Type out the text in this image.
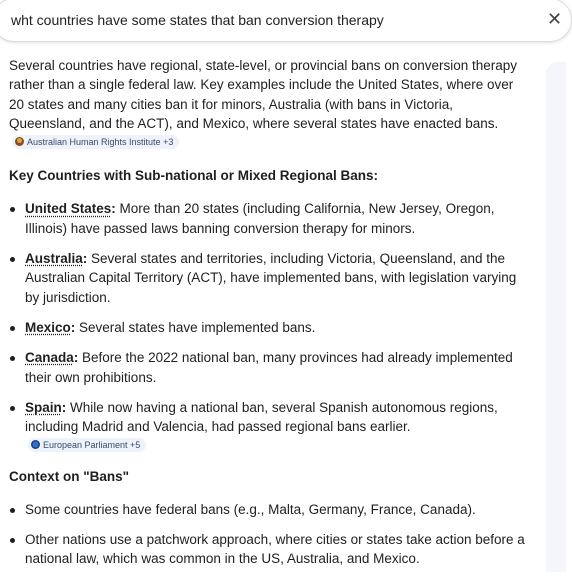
wht countries have some states that ban conversion therapy	✕

Several countries have regional, state-level, or provincial bans on conversion therapy rather than a single federal law. Key examples include the United States, where over 20 states and many cities ban it for minors, Australia (with bans in Victoria, Queensland, and the ACT), and Mexico, where several states have enacted bans.
Australian Human Rights Institute +3

Key Countries with Sub-national or Mixed Regional Bans:
United States: More than 20 states (including California, New Jersey, Oregon, Illinois) have passed laws banning conversion therapy for minors.
Australia: Several states and territories, including Victoria, Queensland, and the Australian Capital Territory (ACT), have implemented bans, with legislation varying by jurisdiction.
Mexico: Several states have implemented bans.
Canada: Before the 2022 national ban, many provinces had already implemented their own prohibitions.
Spain: While now having a national ban, several Spanish autonomous regions, including Madrid and Valencia, had passed regional bans earlier.
European Parliament +5
Context on "Bans"
Some countries have federal bans (e.g., Malta, Germany, France, Canada).
Other nations use a patchwork approach, where cities or states take action before a national law, which was common in the US, Australia, and Mexico.
